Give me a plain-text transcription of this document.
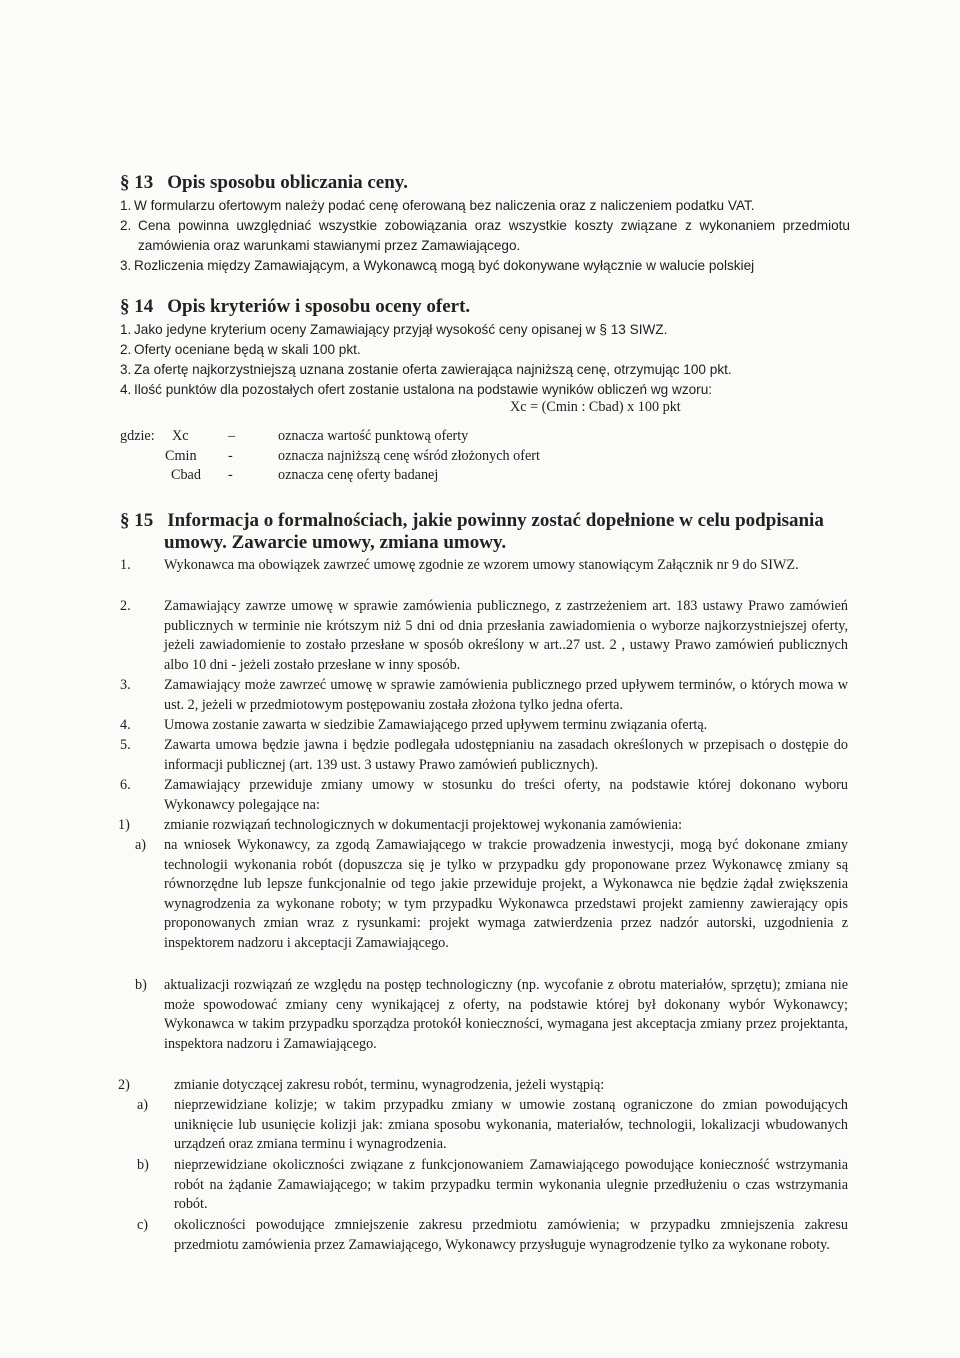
§ 13 Opis sposobu obliczania ceny.
1. W formularzu ofertowym należy podać cenę oferowaną bez naliczenia oraz z naliczeniem podatku VAT.
2. Cena powinna uwzględniać wszystkie zobowiązania oraz wszystkie koszty związane z wykonaniem przedmiotu zamówienia oraz warunkami stawianymi przez Zamawiającego.
3. Rozliczenia między Zamawiającym, a Wykonawcą mogą być dokonywane wyłącznie w walucie polskiej
§ 14 Opis kryteriów i sposobu oceny ofert.
1. Jako jedyne kryterium oceny Zamawiający przyjął wysokość ceny opisanej w § 13 SIWZ.
2. Oferty oceniane będą w skali 100 pkt.
3. Za ofertę najkorzystniejszą uznana zostanie oferta zawierająca najniższą cenę, otrzymując 100 pkt.
4. Ilość punktów dla pozostałych ofert zostanie ustalona na podstawie wyników obliczeń wg wzoru:
Xc = (Cmin : Cbad) x 100 pkt
gdzie: Xc	–	oznacza wartość punktową oferty
Cmin -	oznacza najniższą cenę wśród złożonych ofert
Cbad -	oznacza cenę oferty badanej
§ 15 Informacja o formalnościach, jakie powinny zostać dopełnione w celu podpisania
umowy. Zawarcie umowy, zmiana umowy.
1. Wykonawca ma obowiązek zawrzeć umowę zgodnie ze wzorem umowy stanowiącym Załącznik nr 9 do SIWZ.
2. Zamawiający zawrze umowę w sprawie zamówienia publicznego, z zastrzeżeniem art. 183 ustawy Prawo zamówień publicznych w terminie nie krótszym niż 5 dni od dnia przesłania zawiadomienia o wyborze najkorzystniejszej oferty, jeżeli zawiadomienie to zostało przesłane w sposób określony w art..27 ust. 2 , ustawy Prawo zamówień publicznych albo 10 dni - jeżeli zostało przesłane w inny sposób.
3. Zamawiający może zawrzeć umowę w sprawie zamówienia publicznego przed upływem terminów, o których mowa w ust. 2, jeżeli w przedmiotowym postępowaniu została złożona tylko jedna oferta.
4. Umowa zostanie zawarta w siedzibie Zamawiającego przed upływem terminu związania ofertą.
5. Zawarta umowa będzie jawna i będzie podlegała udostępnianiu na zasadach określonych w przepisach o dostępie do informacji publicznej (art. 139 ust. 3 ustawy Prawo zamówień publicznych).
6. Zamawiający przewiduje zmiany umowy w stosunku do treści oferty, na podstawie której dokonano wyboru Wykonawcy polegające na:
1) zmianie rozwiązań technologicznych w dokumentacji projektowej wykonania zamówienia:
a) na wniosek Wykonawcy, za zgodą Zamawiającego w trakcie prowadzenia inwestycji, mogą być dokonane zmiany technologii wykonania robót (dopuszcza się je tylko w przypadku gdy proponowane przez Wykonawcę zmiany są równorzędne lub lepsze funkcjonalnie od tego jakie przewiduje projekt, a Wykonawca nie będzie żądał zwiększenia wynagrodzenia za wykonane roboty; w tym przypadku Wykonawca przedstawi projekt zamienny zawierający opis proponowanych zmian wraz z rysunkami: projekt wymaga zatwierdzenia przez nadzór autorski, uzgodnienia z inspektorem nadzoru i akceptacji Zamawiającego.
b) aktualizacji rozwiązań ze względu na postęp technologiczny (np. wycofanie z obrotu materiałów, sprzętu); zmiana nie może spowodować zmiany ceny wynikającej z oferty, na podstawie której był dokonany wybór Wykonawcy; Wykonawca w takim przypadku sporządza protokół konieczności, wymagana jest akceptacja zmiany przez projektanta, inspektora nadzoru i Zamawiającego.
2)	zmianie dotyczącej zakresu robót, terminu, wynagrodzenia, jeżeli wystąpią:
a) nieprzewidziane kolizje; w takim przypadku zmiany w umowie zostaną ograniczone do zmian powodujących uniknięcie lub usunięcie kolizji jak: zmiana sposobu wykonania, materiałów, technologii, lokalizacji wbudowanych urządzeń oraz zmiana terminu i wynagrodzenia.
b) nieprzewidziane okoliczności związane z funkcjonowaniem Zamawiającego powodujące konieczność wstrzymania robót na żądanie Zamawiającego; w takim przypadku termin wykonania ulegnie przedłużeniu o czas wstrzymania robót.
c) okoliczności powodujące zmniejszenie zakresu przedmiotu zamówienia; w przypadku zmniejszenia zakresu przedmiotu zamówienia przez Zamawiającego, Wykonawcy przysługuje wynagrodzenie tylko za wykonane roboty.
